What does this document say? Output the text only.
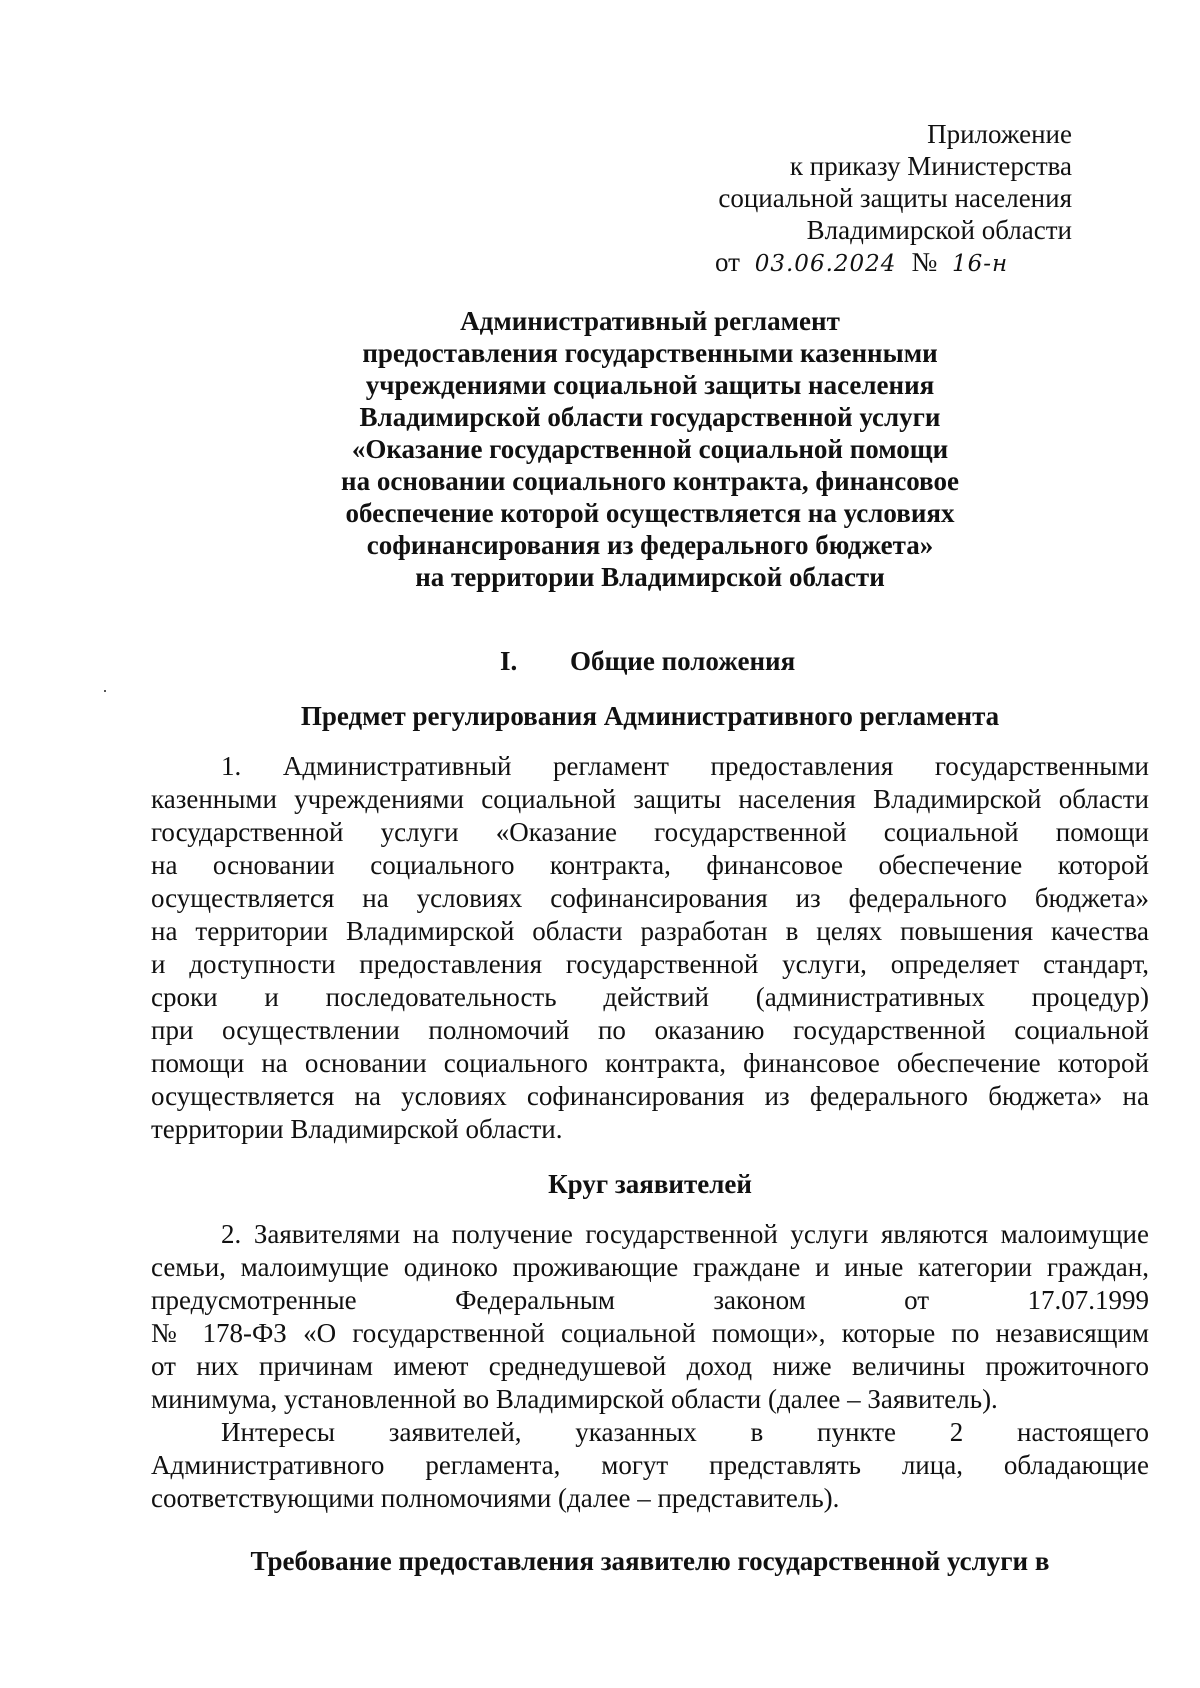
Приложение
к приказу Министерства
социальной защиты населения
Владимирской области
от 03.06.2024 № 16-н
Административный регламент
предоставления государственными казенными
учреждениями социальной защиты населения
Владимирской области государственной услуги
«Оказание государственной социальной помощи
на основании социального контракта, финансовое
обеспечение которой осуществляется на условиях
софинансирования из федерального бюджета»
на территории Владимирской области
I. Общие положения
Предмет регулирования Административного регламента
1. Административный регламент предоставления государственными
казенными учреждениями социальной защиты населения Владимирской области
государственной услуги «Оказание государственной социальной помощи
на основании социального контракта, финансовое обеспечение которой
осуществляется на условиях софинансирования из федерального бюджета»
на территории Владимирской области разработан в целях повышения качества
и доступности предоставления государственной услуги, определяет стандарт,
сроки и последовательность действий (административных процедур)
при осуществлении полномочий по оказанию государственной социальной
помощи на основании социального контракта, финансовое обеспечение которой
осуществляется на условиях софинансирования из федерального бюджета» на
территории Владимирской области.
Круг заявителей
2. Заявителями на получение государственной услуги являются малоимущие
семьи, малоимущие одиноко проживающие граждане и иные категории граждан,
предусмотренные Федеральным законом от 17.07.1999
№ 178-ФЗ «О государственной социальной помощи», которые по независящим
от них причинам имеют среднедушевой доход ниже величины прожиточного
минимума, установленной во Владимирской области (далее – Заявитель).
Интересы заявителей, указанных в пункте 2 настоящего
Административного регламента, могут представлять лица, обладающие
соответствующими полномочиями (далее – представитель).
Требование предоставления заявителю государственной услуги в
